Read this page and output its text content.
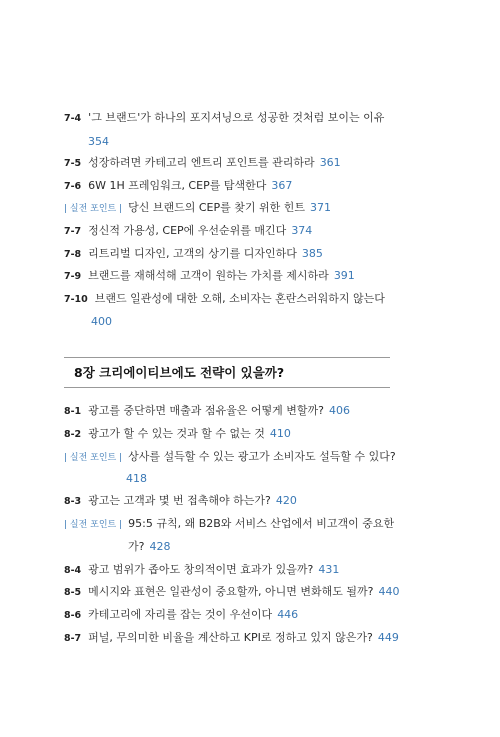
7-4 '그 브랜드'가 하나의 포지셔닝으로 성공한 것처럼 보이는 이유
354
7-5 성장하려면 카테고리 엔트리 포인트를 관리하라 361
7-6 6W 1H 프레임워크, CEP를 탐색한다 367
| 실전 포인트 | 당신 브랜드의 CEP를 찾기 위한 힌트 371
7-7 정신적 가용성, CEP에 우선순위를 매긴다 374
7-8 리트리벌 디자인, 고객의 상기를 디자인하다 385
7-9 브랜드를 재해석해 고객이 원하는 가치를 제시하라 391
7-10 브랜드 일관성에 대한 오해, 소비자는 혼란스러워하지 않는다
400
8장 크리에이티브에도 전략이 있을까?
8-1 광고를 중단하면 매출과 점유율은 어떻게 변할까? 406
8-2 광고가 할 수 있는 것과 할 수 없는 것 410
| 실전 포인트 | 상사를 설득할 수 있는 광고가 소비자도 설득할 수 있다?
418
8-3 광고는 고객과 몇 번 접촉해야 하는가? 420
| 실전 포인트 | 95:5 규칙, 왜 B2B와 서비스 산업에서 비고객이 중요한
가? 428
8-4 광고 범위가 좁아도 창의적이면 효과가 있을까? 431
8-5 메시지와 표현은 일관성이 중요할까, 아니면 변화해도 될까? 440
8-6 카테고리에 자리를 잡는 것이 우선이다 446
8-7 퍼널, 무의미한 비율을 계산하고 KPI로 정하고 있지 않은가? 449
